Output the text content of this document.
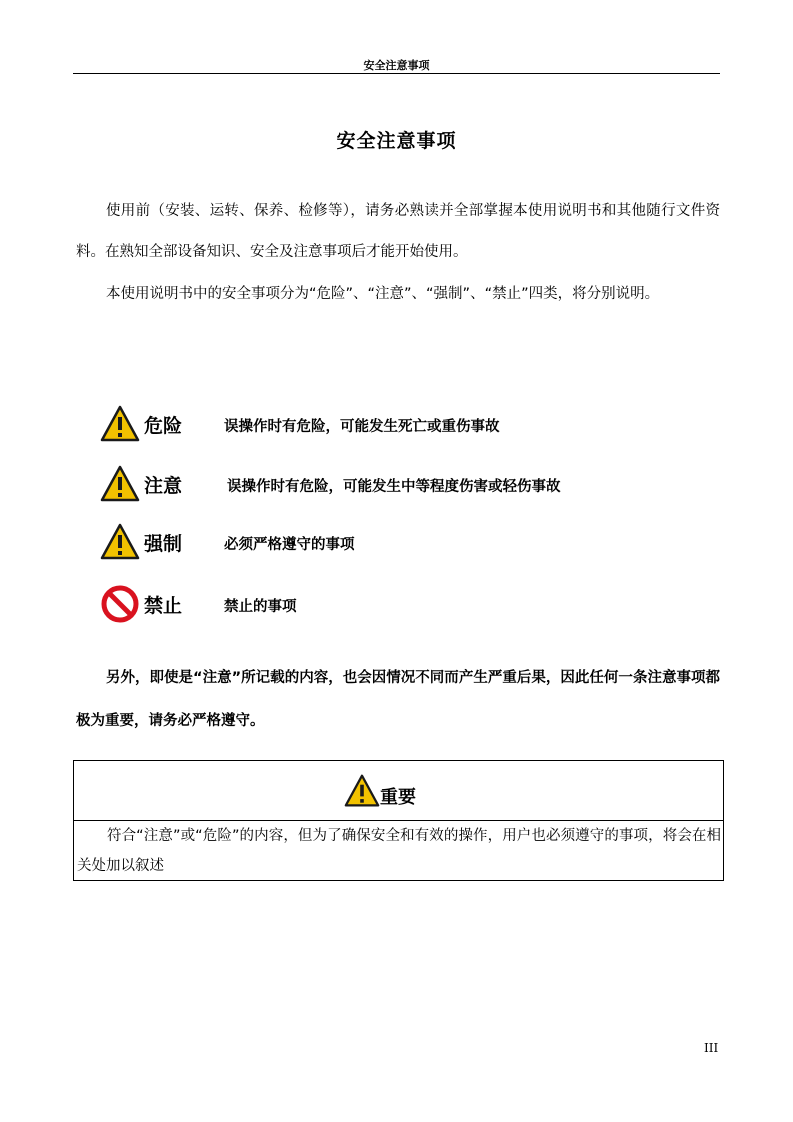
安全注意事项
安全注意事项
使用前（安装、运转、保养、检修等），请务必熟读并全部掌握本使用说明书和其他随行文件资料。在熟知全部设备知识、安全及注意事项后才能开始使用。
本使用说明书中的安全事项分为“危险”、“注意”、“强制”、“禁止”四类，将分别说明。
危险	误操作时有危险，可能发生死亡或重伤事故
注意	误操作时有危险，可能发生中等程度伤害或轻伤事故
强制	必须严格遵守的事项
禁止	禁止的事项
另外，即使是“注意”所记载的内容，也会因情况不同而产生严重后果，因此任何一条注意事项都极为重要，请务必严格遵守。
重要
符合“注意”或“危险”的内容，但为了确保安全和有效的操作，用户也必须遵守的事项，将会在相关处加以叙述
III
